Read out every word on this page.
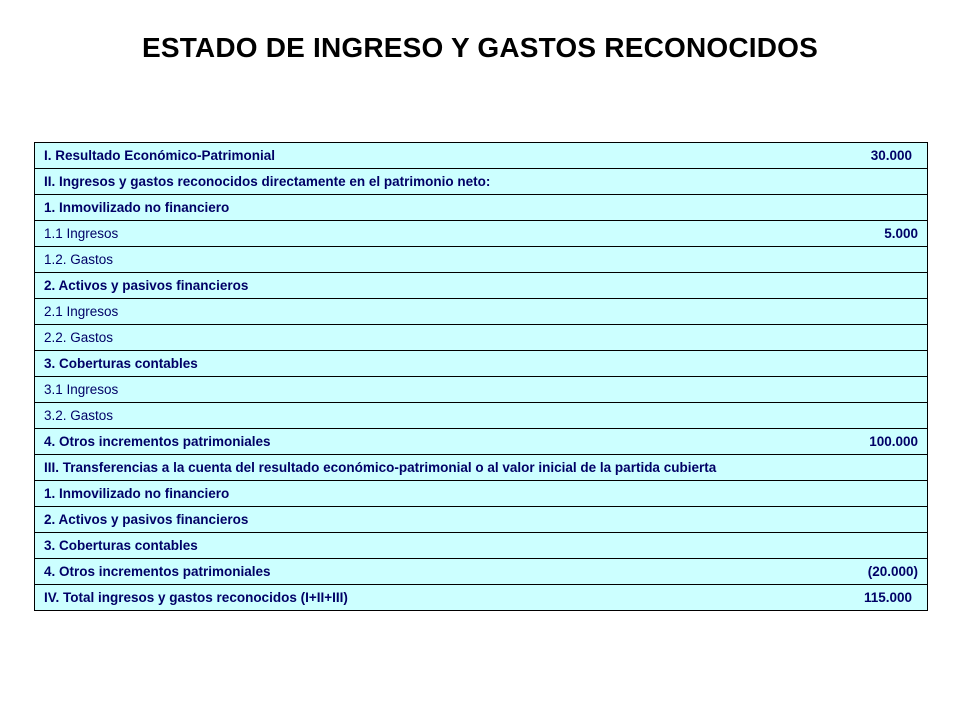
ESTADO DE INGRESO Y GASTOS RECONOCIDOS
I. Resultado Económico-Patrimonial	30.000

II. Ingresos y gastos reconocidos directamente en el patrimonio neto:

1. Inmovilizado no financiero

1.1 Ingresos	5.000

1.2. Gastos

2. Activos y pasivos financieros

2.1 Ingresos

2.2. Gastos

3. Coberturas contables

3.1 Ingresos

3.2. Gastos

4. Otros incrementos patrimoniales	100.000

III. Transferencias a la cuenta del resultado económico-patrimonial o al valor inicial de la partida cubierta

1. Inmovilizado no financiero

2. Activos y pasivos financieros

3. Coberturas contables

4. Otros incrementos patrimoniales	(20.000)

IV. Total ingresos y gastos reconocidos (I+II+III)	115.000
